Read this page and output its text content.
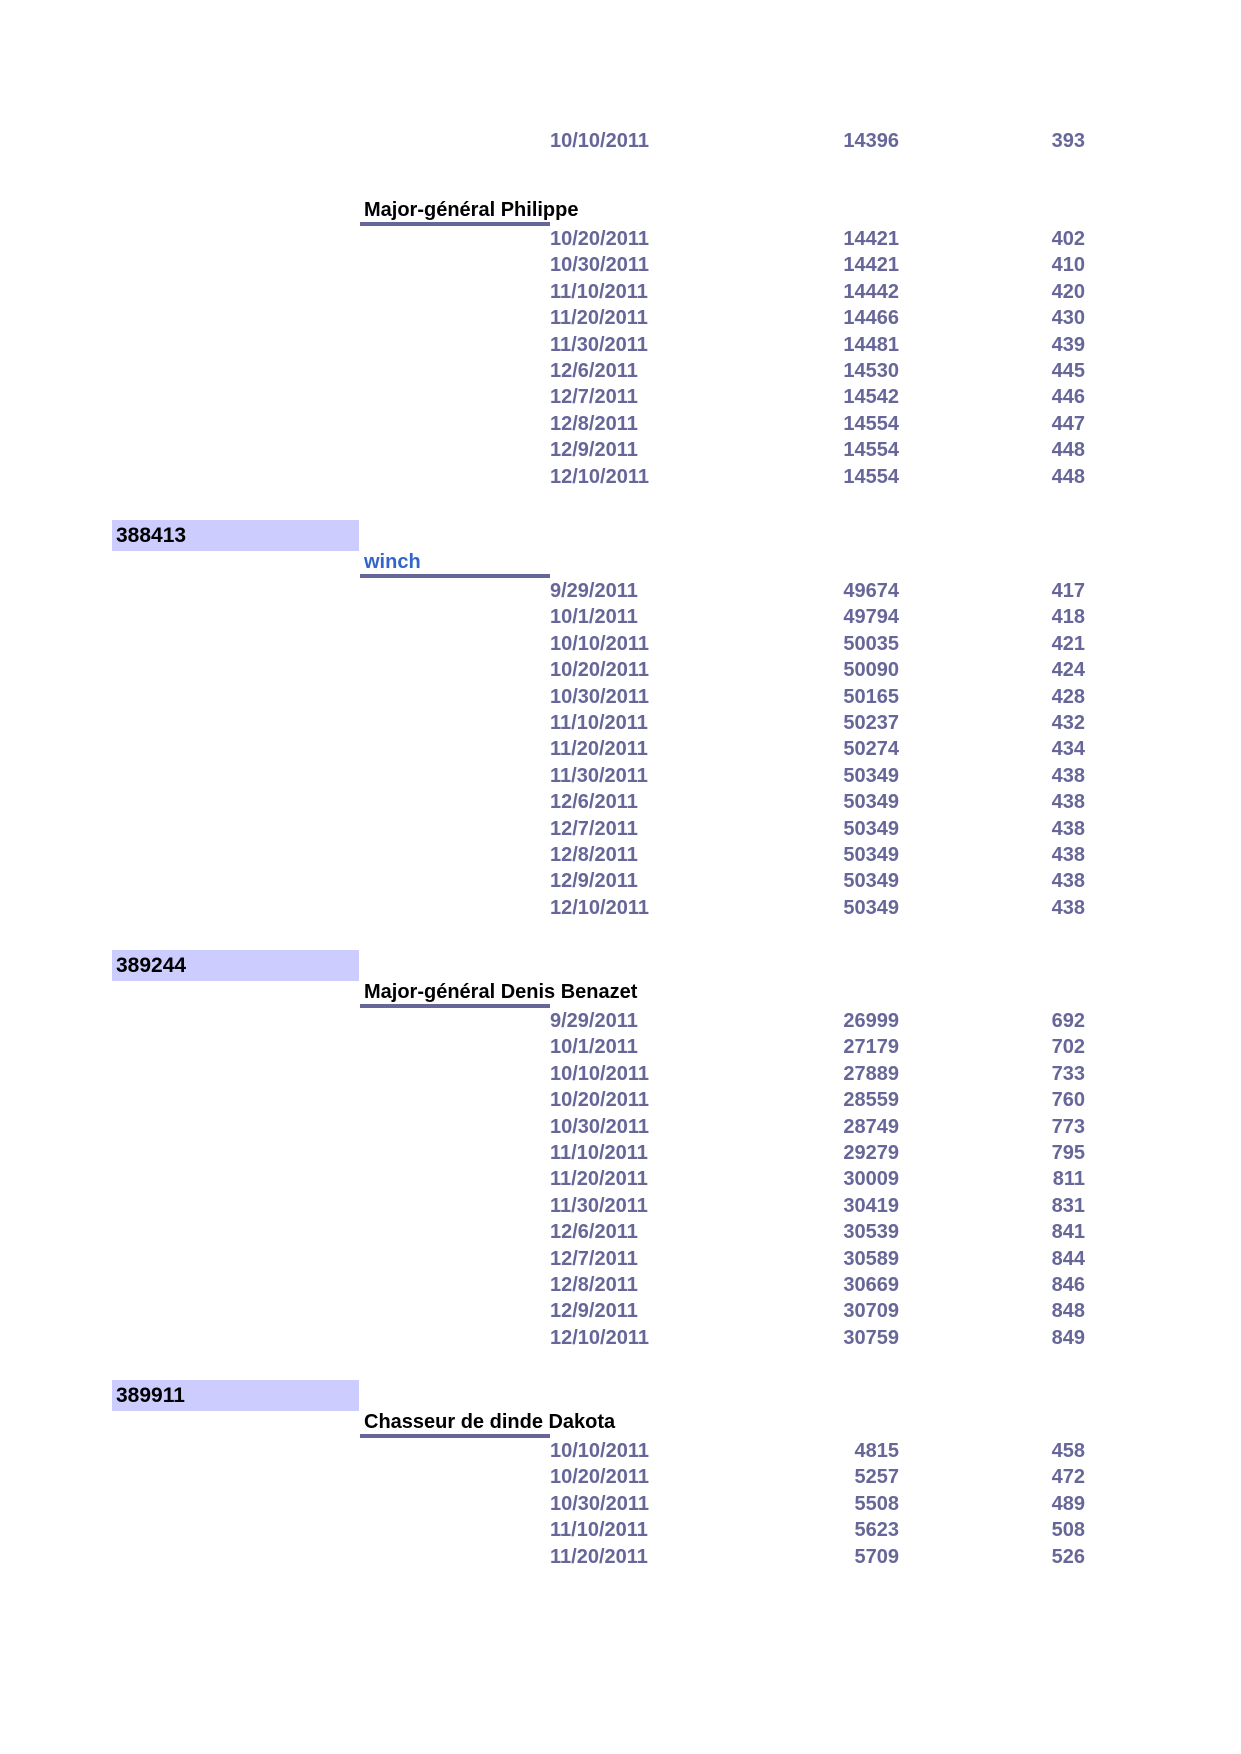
10/10/2011	14396	393
Major-général Philippe
10/20/2011	14421	402
10/30/2011	14421	410
11/10/2011	14442	420
11/20/2011	14466	430
11/30/2011	14481	439
12/6/2011	14530	445
12/7/2011	14542	446
12/8/2011	14554	447
12/9/2011	14554	448
12/10/2011	14554	448
388413
winch
9/29/2011	49674	417
10/1/2011	49794	418
10/10/2011	50035	421
10/20/2011	50090	424
10/30/2011	50165	428
11/10/2011	50237	432
11/20/2011	50274	434
11/30/2011	50349	438
12/6/2011	50349	438
12/7/2011	50349	438
12/8/2011	50349	438
12/9/2011	50349	438
12/10/2011	50349	438
389244
Major-général Denis Benazet
9/29/2011	26999	692
10/1/2011	27179	702
10/10/2011	27889	733
10/20/2011	28559	760
10/30/2011	28749	773
11/10/2011	29279	795
11/20/2011	30009	811
11/30/2011	30419	831
12/6/2011	30539	841
12/7/2011	30589	844
12/8/2011	30669	846
12/9/2011	30709	848
12/10/2011	30759	849
389911
Chasseur de dinde Dakota
10/10/2011	4815	458
10/20/2011	5257	472
10/30/2011	5508	489
11/10/2011	5623	508
11/20/2011	5709	526
